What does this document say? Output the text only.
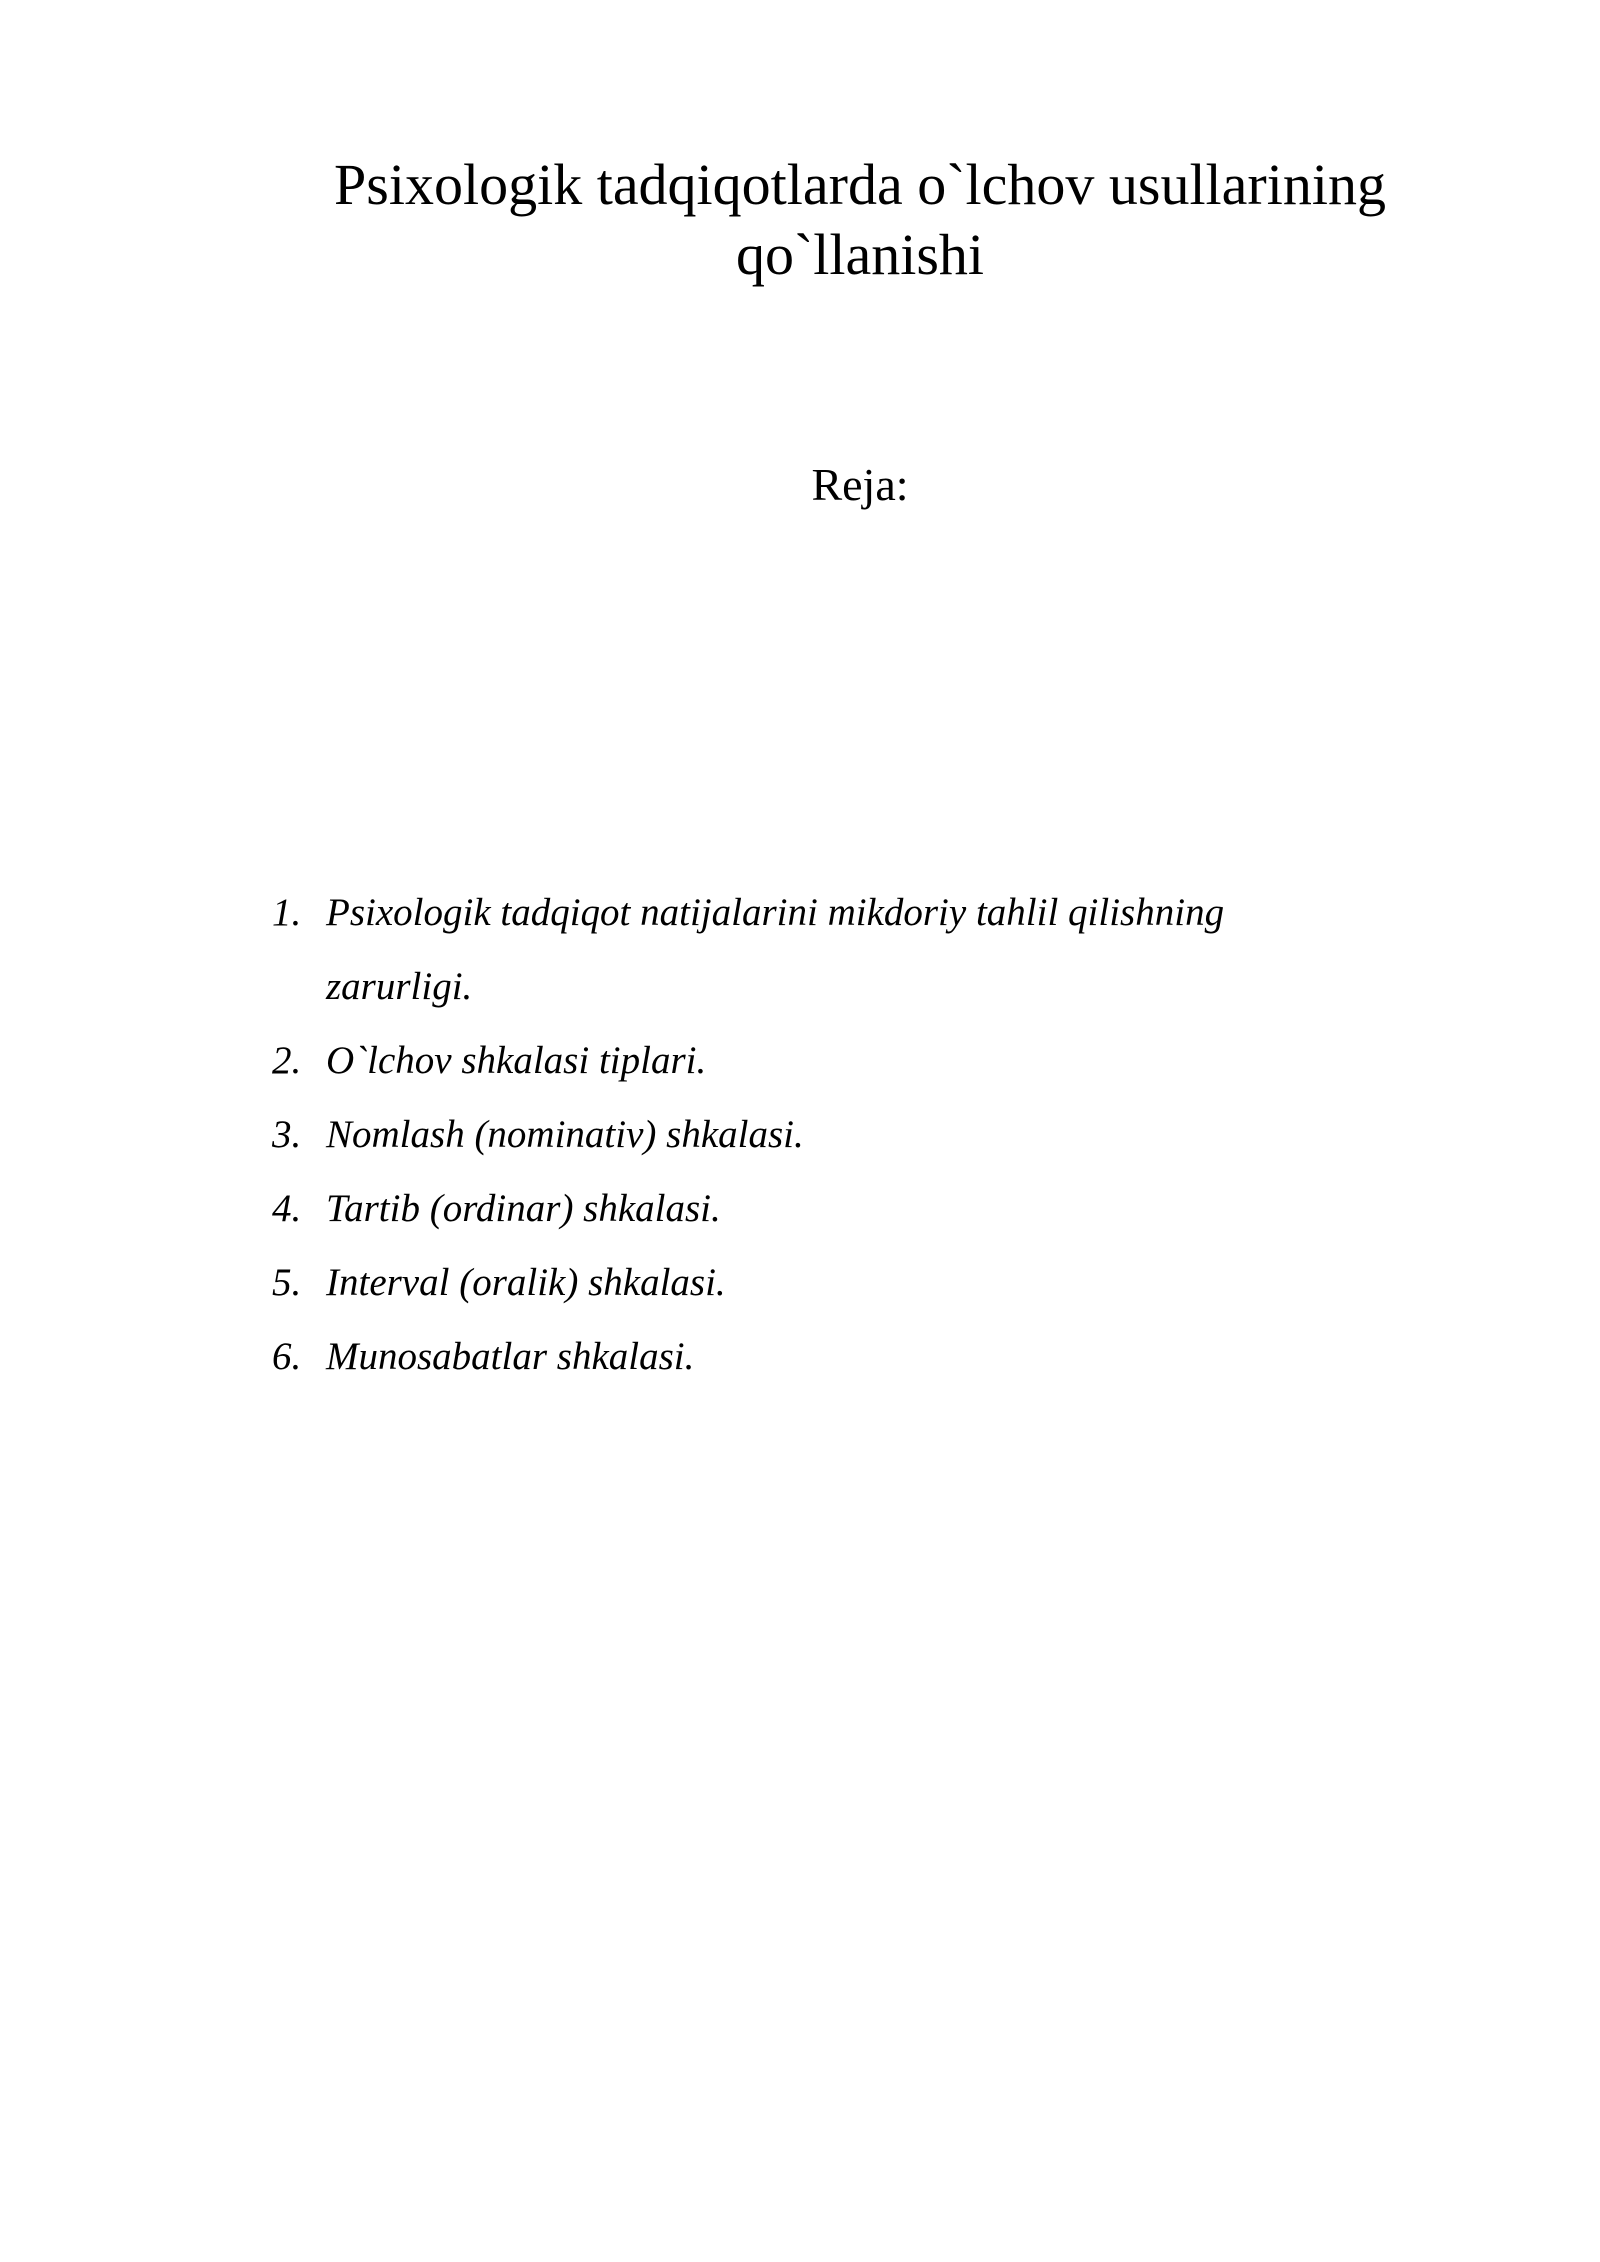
Psixologik tadqiqotlarda o`lchov usullarining
qo`llanishi

Reja:

1. Psixologik tadqiqot natijalarini mikdoriy tahlil qilishning
zarurligi.
2. O`lchov shkalasi tiplari.
3. Nomlash (nominativ) shkalasi.
4. Tartib (ordinar) shkalasi.
5. Interval (oralik) shkalasi.
6. Munosabatlar shkalasi.
